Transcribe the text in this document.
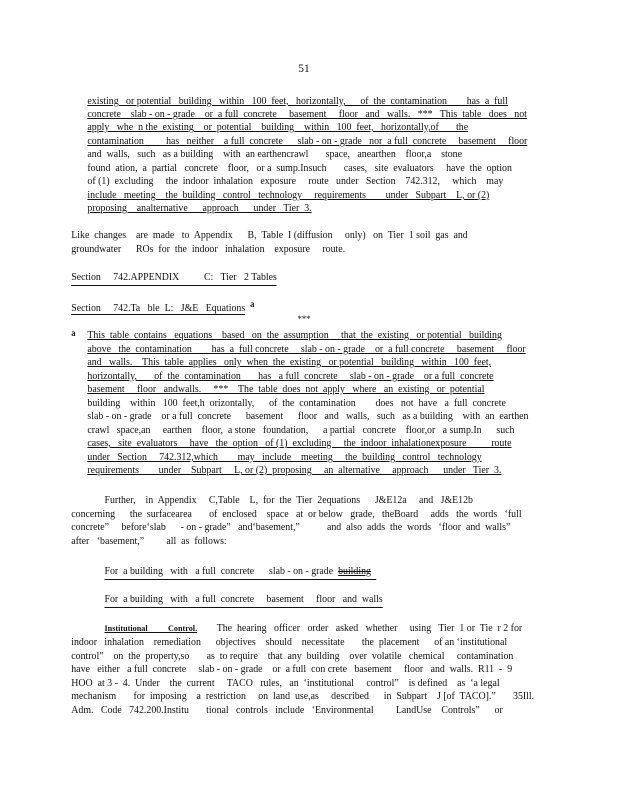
51
existing   or potential   building   within   100  feet,   horizontally,      of  the  contamination        has  a  full
concrete    slab - on - grade    or  a full  concrete     basement     floor   and   walls.   ***   This  table   does   not
apply   whe  n the  existing    or  potential    building    within   100  feet,   horizontally,of       the
contamination         has   neither    a full  concrete      slab - on - grade   nor  a full  concrete     basement     floor
and  walls,   such   as a building    with  an earthencrawl       space,   anearthen    floor,a    stone
found  ation,  a  partial   concrete    floor,   or a  sump.Insuch       cases,   site  evaluators     have  the  option
of (1)  excluding     the  indoor  inhalation   exposure     route   under   Section    742.312,     which    may
include   meeting    the  building   control   technology     requirements        under   Subpart    L, or (2)
proposing    analternative      approach      under   Tier  3.
Like  changes    are  made   to  Appendix      B,  Table  I (diffusion     only)   on  Tier  1 soil  gas  and
groundwater      ROs  for  the  indoor   inhalation    exposure     route.
Section     742.APPENDIX          C:   Tier   2 Tables
Section     742.Ta   ble  L:   J&E   Equations $^a$
***
$^a$ This  table  contains   equations    based   on  the  assumption     that  the  existing   or potential   building
above   the  contamination        has  a  full concrete     slab - on - grade    or  a full concrete     basement     floor
and   walls.    This  table  applies   only  when  the  existing   or potential   building   within   100  feet,
horizontally,       of  the  contamination       has   a full  concrete     slab - on - grade    or a full  concrete
basement     floor   andwalls.     ***    The  table  does  not  apply   where   an  existing   or  potential
building    within   100  feet,h  orizontally,      of  the  contamination        does   not  have   a  full  concrete
slab - on - grade    or a full  concrete      basement      floor   and   walls,   such   as a building    with  an  earthen
crawl   space,an     earthen    floor,  a stone   foundation,      a partial   concrete    floor,or   a sump.In      such
cases,   site  evaluators     have   the  option   of (1)  excluding     the  indoor  inhalationexposure          route
under   Section     742.312,which        may   include    meeting     the  building   control   technology
requirements        under    Subpart     L, or (2)  proposing     an  alternative     approach      under   Tier  3.
Further,    in  Appendix     C,Table    L,  for  the  Tier  2equations      J&E12a     and   J&E12b
concerning      the  surfacearea       of  enclosed    space   at  or below   grade,   theBoard     adds   the  words   ‘full
concrete”     before‘slab      - on - grade”   and‘basement,”           and  also  adds  the  words   ‘floor  and  walls”
after   ‘basement,”         all  as  follows:
For  a building   with   a full  concrete      slab - on - grade  building
For  a building   with   a full  concrete     basement     floor   and  walls
Institutional          Control.        The  hearing   officer   order   asked   whether     using   Tier  1 or  Tie  r 2 for
indoor   inhalation    remediation      objectives    should    necessitate       the  placement      of an ‘institutional
control”    on  the  property,so       as  to require    that  any  building    over  volatile   chemical     contamination
have   either   a full  concrete     slab - on - grade    or  a full  con crete   basement     floor   and  walls.  R11  -  9
HOO  at 3 -  4.  Under    the  current     TACO   rules,   an  ‘institutional     control”    is defined    as  ‘a legal
mechanism       for  imposing    a  restriction     on  land  use,as     described      in  Subpart    J [of  TACO].”       35Ill.
Adm.   Code   742.200.Institu       tional   controls   include   ‘Environmental         LandUse    Controls”      or
